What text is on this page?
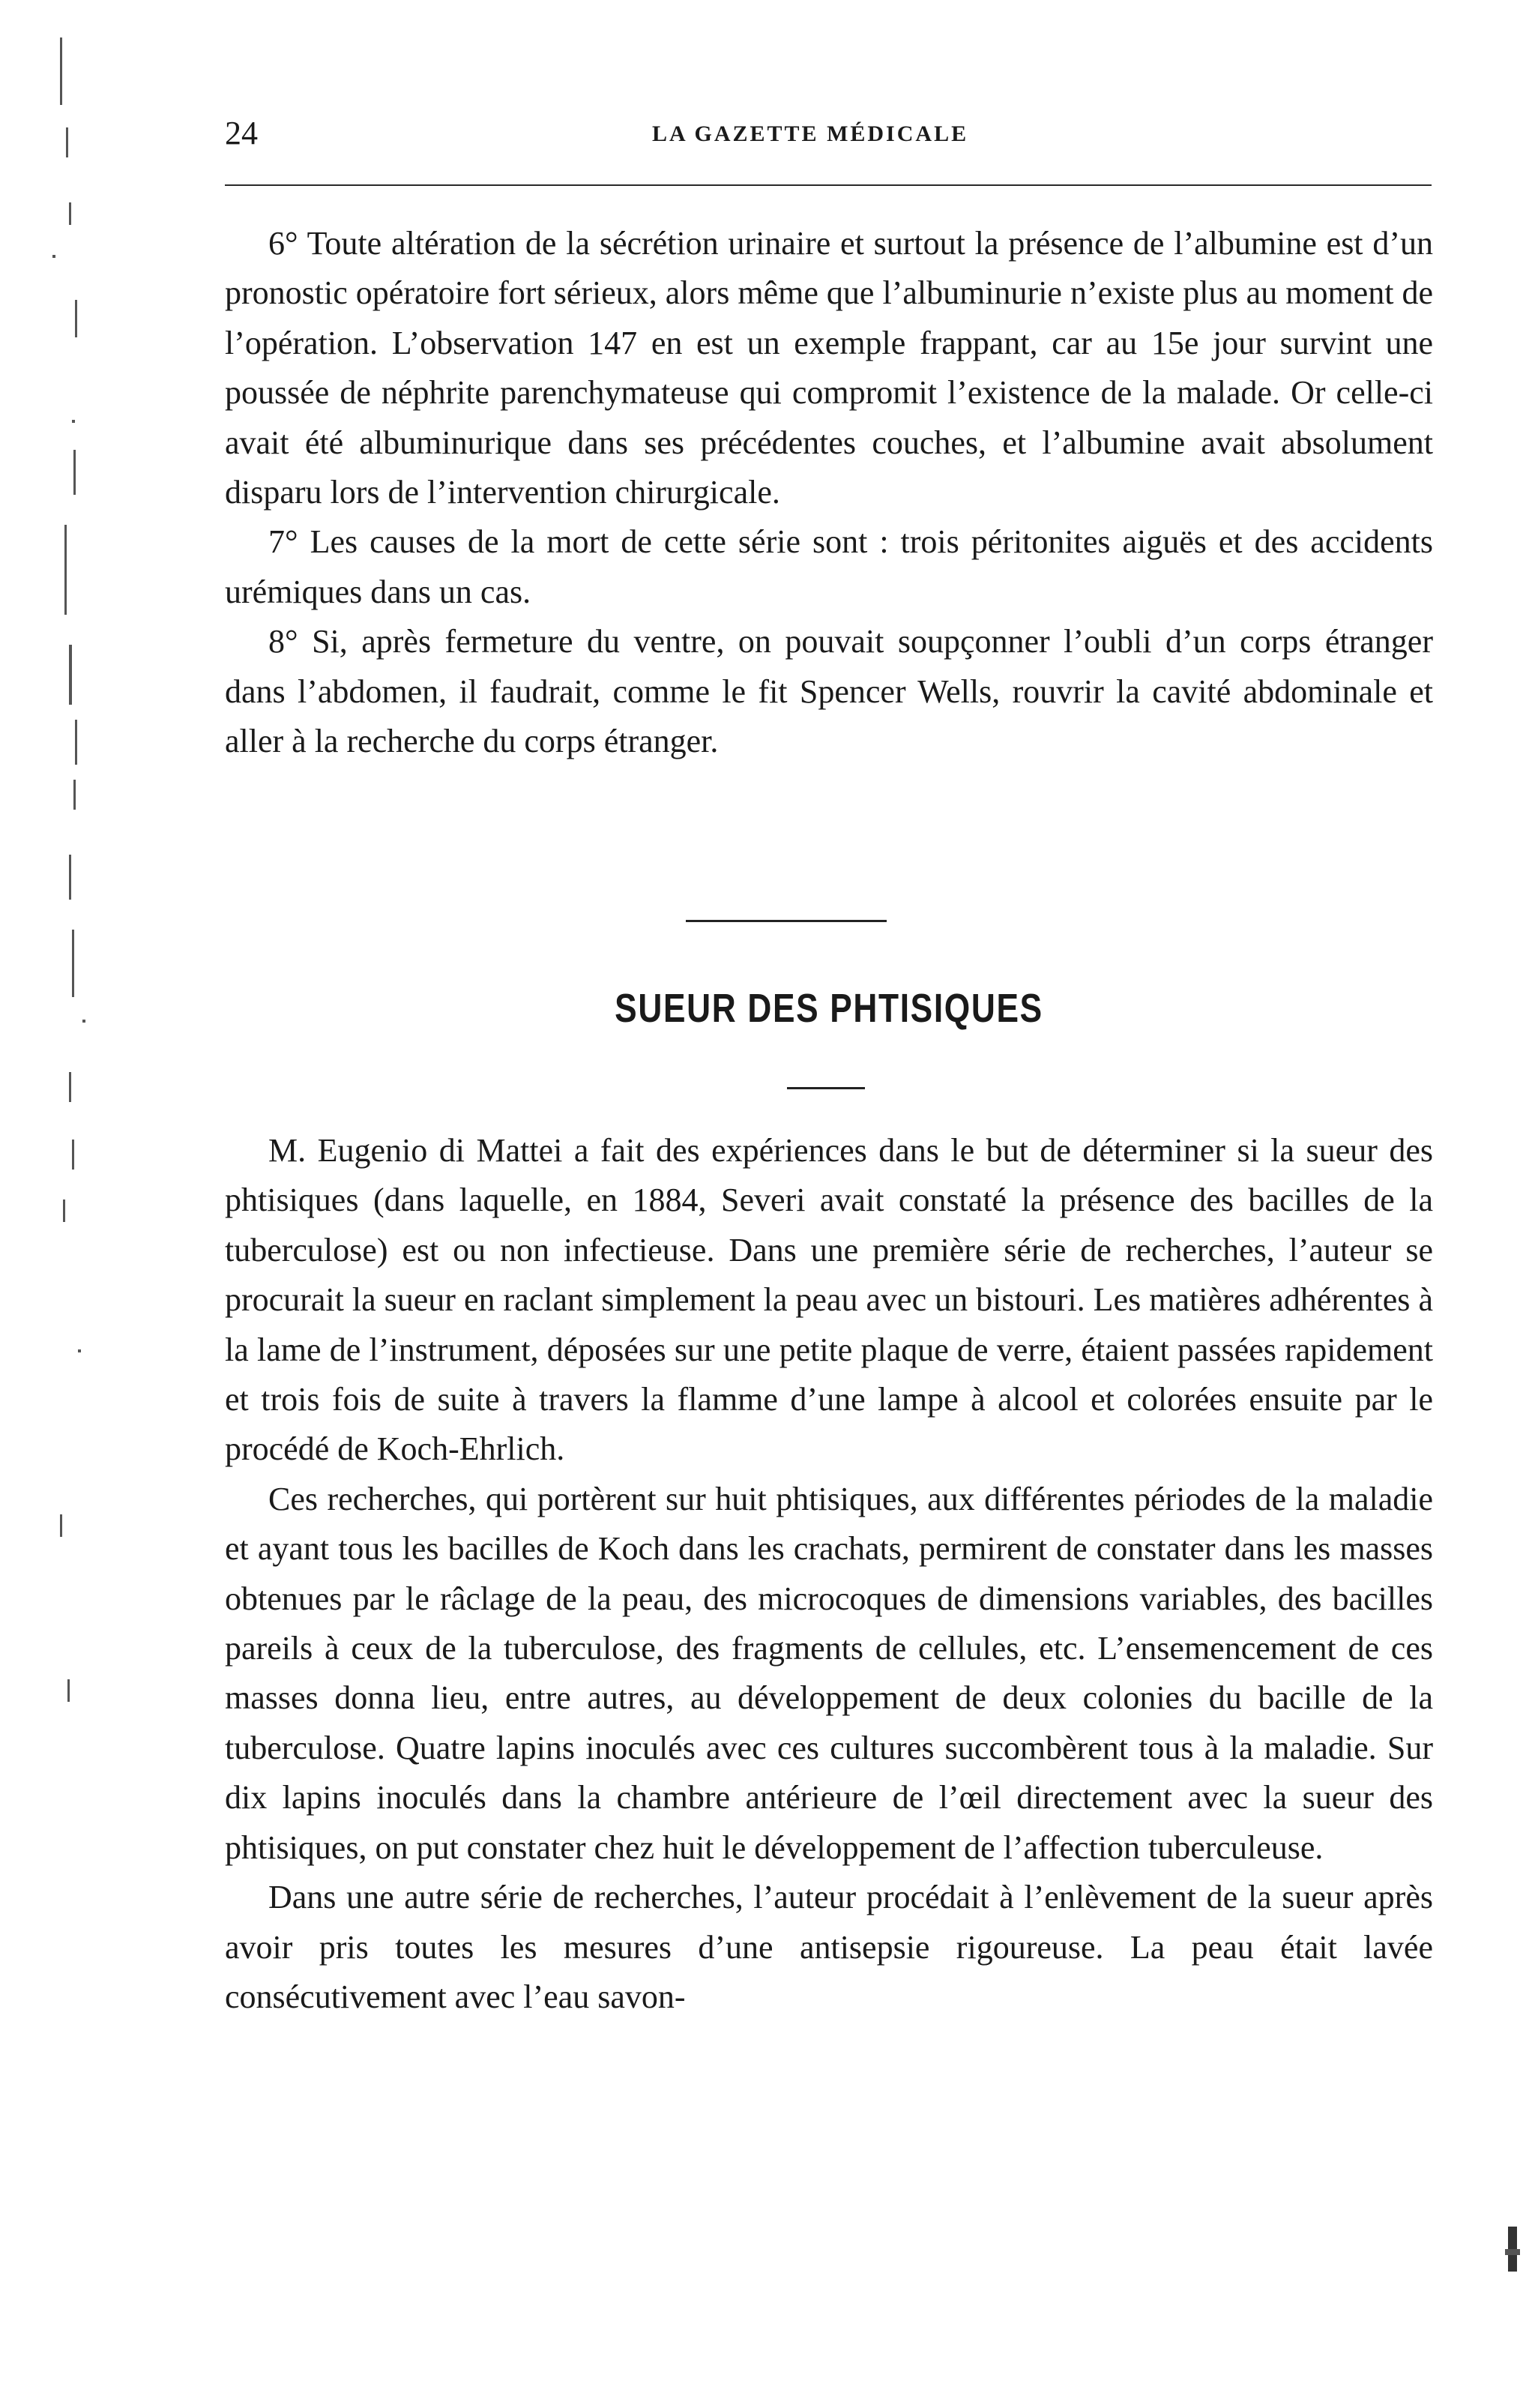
24	LA GAZETTE MÉDICALE

6° Toute altération de la sécrétion urinaire et surtout la présence de l’albumine est d’un pronostic opératoire fort sérieux, alors même que l’albuminurie n’existe plus au moment de l’opération. L’observation 147 en est un exemple frappant, car au 15e jour survint une poussée de néphrite parenchymateuse qui compromit l’existence de la malade. Or celle-ci avait été albuminurique dans ses précédentes couches, et l’albumine avait absolument disparu lors de l’intervention chirurgicale.

7° Les causes de la mort de cette série sont : trois péritonites aiguës et des accidents urémiques dans un cas.

8° Si, après fermeture du ventre, on pouvait soupçonner l’oubli d’un corps étranger dans l’abdomen, il faudrait, comme le fit Spencer Wells, rouvrir la cavité abdominale et aller à la recherche du corps étranger.

SUEUR DES PHTISIQUES

M. Eugenio di Mattei a fait des expériences dans le but de déterminer si la sueur des phtisiques (dans laquelle, en 1884, Severi avait constaté la présence des bacilles de la tuberculose) est ou non infectieuse. Dans une première série de recherches, l’auteur se procurait la sueur en raclant simplement la peau avec un bistouri. Les matières adhérentes à la lame de l’instrument, déposées sur une petite plaque de verre, étaient passées rapidement et trois fois de suite à travers la flamme d’une lampe à alcool et colorées ensuite par le procédé de Koch-Ehrlich.

Ces recherches, qui portèrent sur huit phtisiques, aux différentes périodes de la maladie et ayant tous les bacilles de Koch dans les crachats, permirent de constater dans les masses obtenues par le râclage de la peau, des microcoques de dimensions variables, des bacilles pareils à ceux de la tuberculose, des fragments de cellules, etc. L’ensemencement de ces masses donna lieu, entre autres, au développement de deux colonies du bacille de la tuberculose. Quatre lapins inoculés avec ces cultures succombèrent tous à la maladie. Sur dix lapins inoculés dans la chambre antérieure de l’œil directement avec la sueur des phtisiques, on put constater chez huit le développement de l’affection tuberculeuse.

Dans une autre série de recherches, l’auteur procédait à l’enlèvement de la sueur après avoir pris toutes les mesures d’une antisepsie rigoureuse. La peau était lavée consécutivement avec l’eau savon-
